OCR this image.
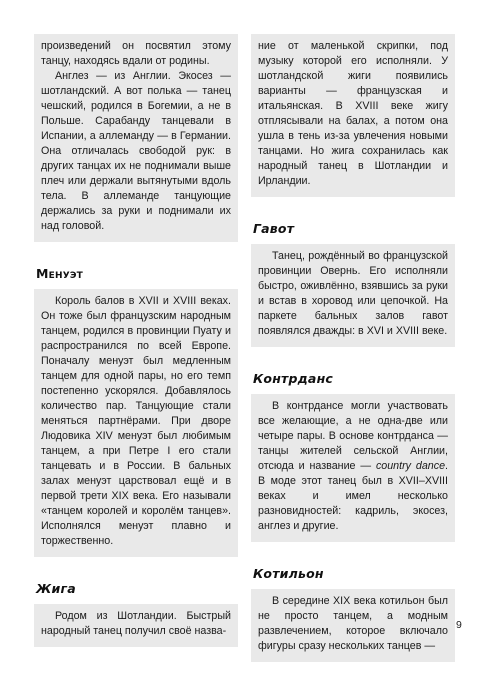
произведений он посвятил этому танцу, находясь вдали от родины.

Англез — из Англии. Экосез — шотландский. А вот полька — танец чешский, родился в Богемии, а не в Польше. Сарабанду танцевали в Испании, а аллеманду — в Германии. Она отличалась свободой рук: в других танцах их не поднимали выше плеч или держали вытянутыми вдоль тела. В аллеманде танцующие держались за руки и поднимали их над головой.

Менуэт

Король балов в XVII и XVIII веках. Он тоже был французским народным танцем, родился в провинции Пуату и распространился по всей Европе. Поначалу менуэт был медленным танцем для одной пары, но его темп постепенно ускорялся. Добавлялось количество пар. Танцующие стали меняться партнёрами. При дворе Людовика XIV менуэт был любимым танцем, а при Петре I его стали танцевать и в России. В бальных залах менуэт царствовал ещё и в первой трети XIX века. Его называли «танцем королей и королём танцев». Исполнялся менуэт плавно и торжественно.

Жига

Родом из Шотландии. Быстрый народный танец получил своё назва-

ние от маленькой скрипки, под музыку которой его исполняли. У шотландской жиги появились варианты — французская и итальянская. В XVIII веке жигу отплясывали на балах, а потом она ушла в тень из-за увлечения новыми танцами. Но жига сохранилась как народный танец в Шотландии и Ирландии.

Гавот

Танец, рождённый во французской провинции Овернь. Его исполняли быстро, оживлённо, взявшись за руки и встав в хоровод или цепочкой. На паркете бальных залов гавот появлялся дважды: в XVI и XVIII веке.

Контрданс

В контрдансе могли участвовать все желающие, а не одна-две или четыре пары. В основе контрданса — танцы жителей сельской Англии, отсюда и название — country dance. В моде этот танец был в XVII–XVIII веках и имел несколько разновидностей: кадриль, экосез, англез и другие.

Котильон

В середине XIX века котильон был не просто танцем, а модным развлечением, которое включало фигуры сразу нескольких танцев —

9
